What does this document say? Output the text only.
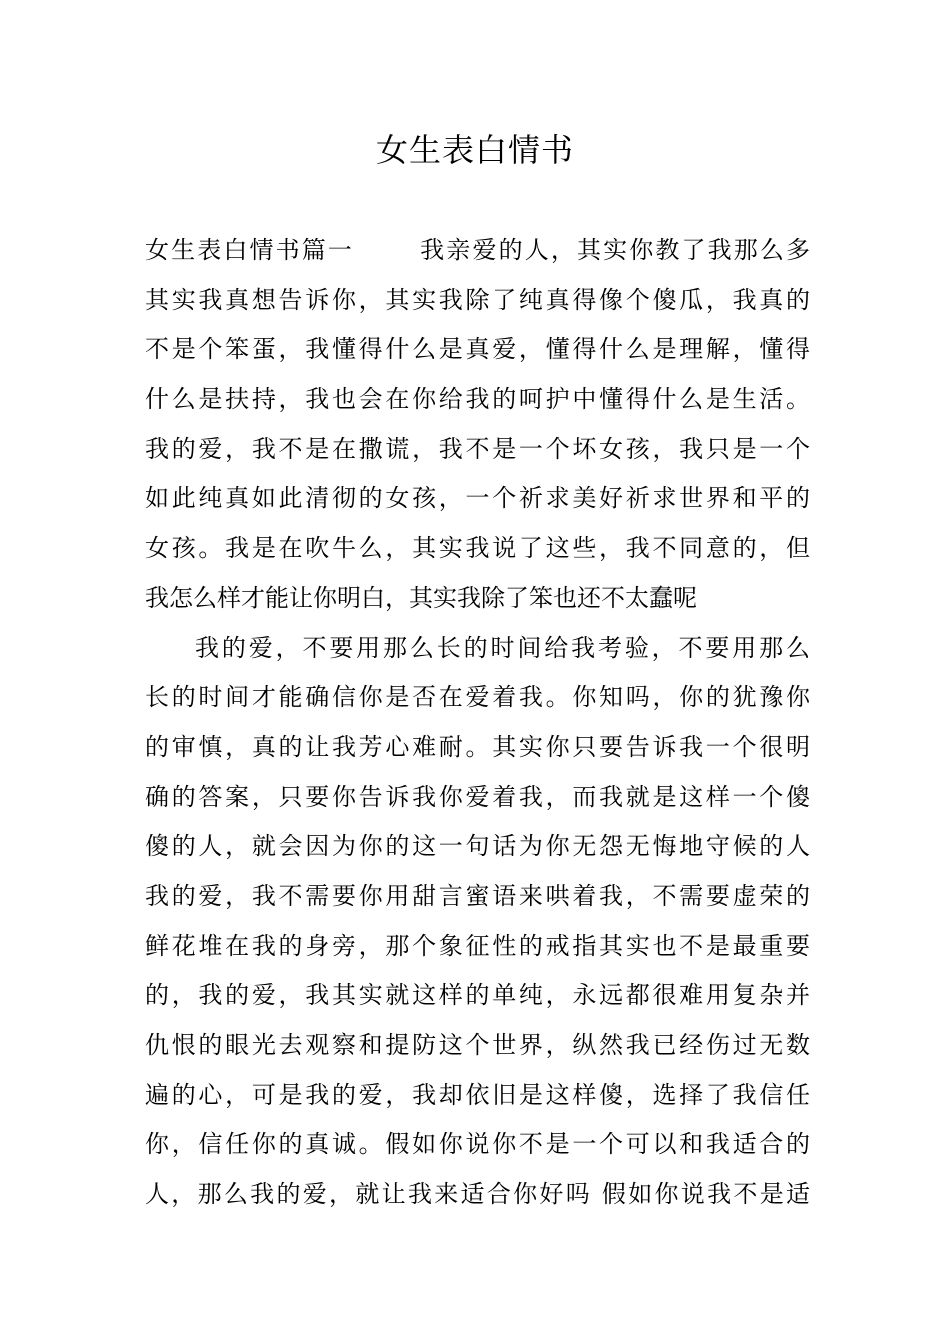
女生表白情书
女生表白情书篇一	我亲爱的人，其实你教了我那么多
其实我真想告诉你，其实我除了纯真得像个傻瓜，我真的
不是个笨蛋，我懂得什么是真爱，懂得什么是理解，懂得
什么是扶持，我也会在你给我的呵护中懂得什么是生活。
我的爱，我不是在撒谎，我不是一个坏女孩，我只是一个
如此纯真如此清彻的女孩，一个祈求美好祈求世界和平的
女孩。我是在吹牛么，其实我说了这些，我不同意的，但
我怎么样才能让你明白，其实我除了笨也还不太蠢呢
我的爱，不要用那么长的时间给我考验，不要用那么
长的时间才能确信你是否在爱着我。你知吗，你的犹豫你
的审慎，真的让我芳心难耐。其实你只要告诉我一个很明
确的答案，只要你告诉我你爱着我，而我就是这样一个傻
傻的人，就会因为你的这一句话为你无怨无悔地守候的人
我的爱，我不需要你用甜言蜜语来哄着我，不需要虚荣的
鲜花堆在我的身旁，那个象征性的戒指其实也不是最重要
的，我的爱，我其实就这样的单纯，永远都很难用复杂并
仇恨的眼光去观察和提防这个世界，纵然我已经伤过无数
遍的心，可是我的爱，我却依旧是这样傻，选择了我信任
你，信任你的真诚。假如你说你不是一个可以和我适合的
人，那么我的爱，就让我来适合你好吗 假如你说我不是适
